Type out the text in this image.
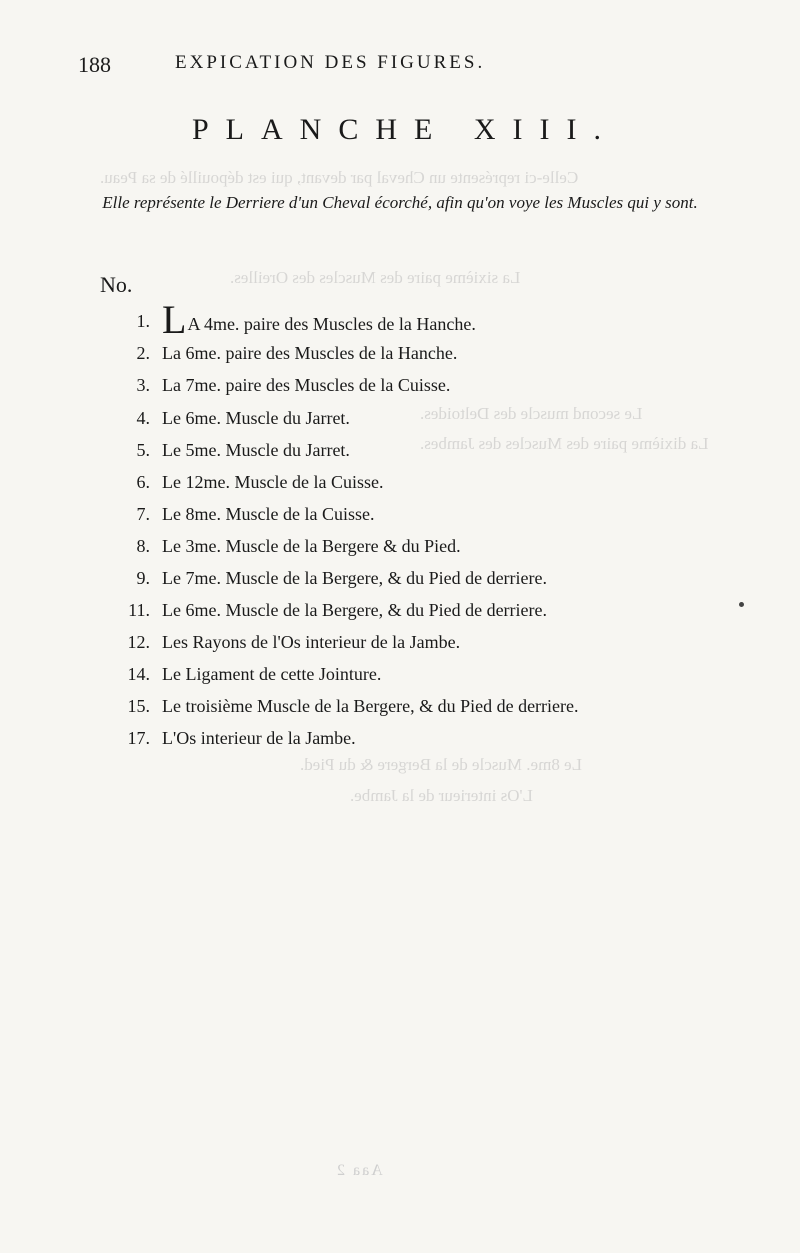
Celle-ci représente un Cheval par devant, qui est dépouillé de sa Peau.
La sixième paire des Muscles des Oreilles.
Le second muscle des Deltoides.
La dixième paire des Muscles des Jambes.
Le 8me. Muscle de la Bergere & du Pied.
L'Os interieur de la Jambe.
188	EXPICATION DES FIGURES.
PLANCHE XIII.
Elle représente le Derriere d'un Cheval écorché, afin qu'on voye les Muscles qui y sont.
No.
1. LA 4me. paire des Muscles de la Hanche.
2. La 6me. paire des Muscles de la Hanche.
3. La 7me. paire des Muscles de la Cuisse.
4. Le 6me. Muscle du Jarret.
5. Le 5me. Muscle du Jarret.
6. Le 12me. Muscle de la Cuisse.
7. Le 8me. Muscle de la Cuisse.
8. Le 3me. Muscle de la Bergere & du Pied.
9. Le 7me. Muscle de la Bergere, & du Pied de derriere.
11. Le 6me. Muscle de la Bergere, & du Pied de derriere.
12. Les Rayons de l'Os interieur de la Jambe.
14. Le Ligament de cette Jointure.
15. Le troisième Muscle de la Bergere, & du Pied de derriere.
17. L'Os interieur de la Jambe.
Aaa 2
